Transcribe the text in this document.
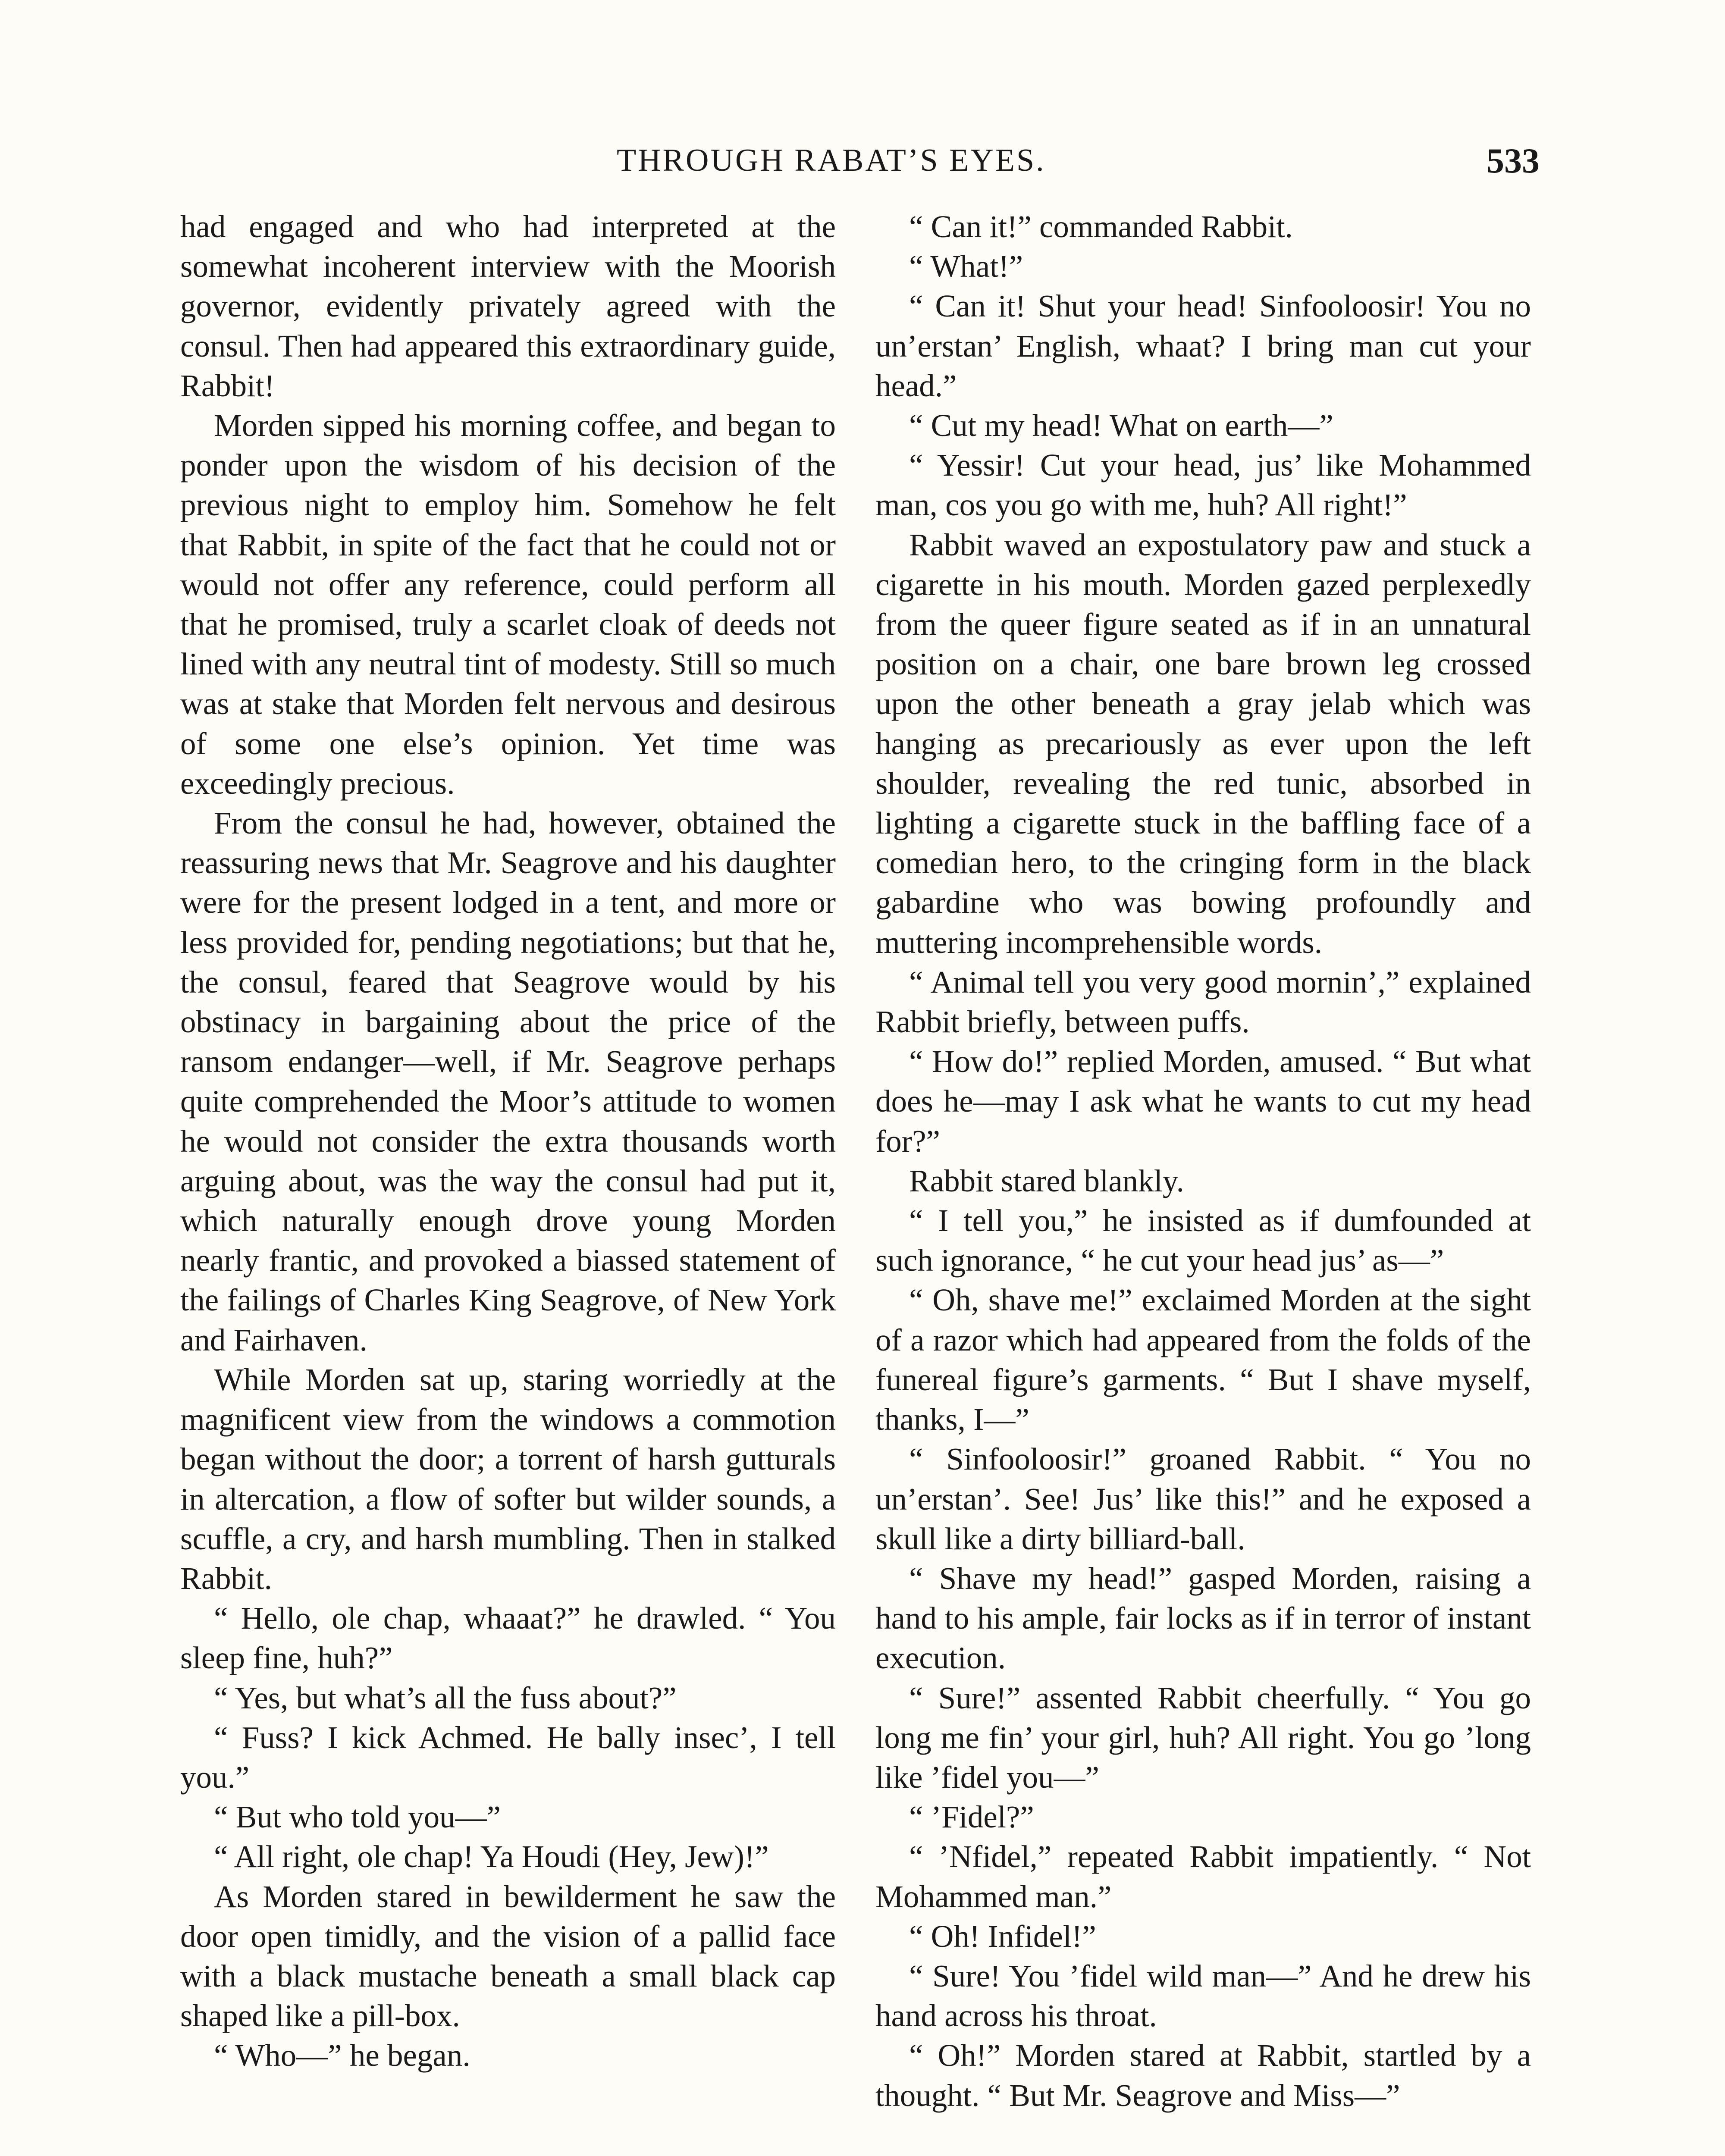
THROUGH RABAT’S EYES.	533

had engaged and who had interpreted at the somewhat incoherent interview with the Moorish governor, evidently privately agreed with the consul. Then had appeared this extraordinary guide, Rabbit!

Morden sipped his morning coffee, and began to ponder upon the wisdom of his decision of the previous night to employ him. Somehow he felt that Rabbit, in spite of the fact that he could not or would not offer any reference, could perform all that he promised, truly a scarlet cloak of deeds not lined with any neutral tint of modesty. Still so much was at stake that Morden felt nervous and desirous of some one else’s opinion. Yet time was exceedingly precious.

From the consul he had, however, obtained the reassuring news that Mr. Seagrove and his daughter were for the present lodged in a tent, and more or less provided for, pending negotiations; but that he, the consul, feared that Seagrove would by his obstinacy in bargaining about the price of the ransom endanger—well, if Mr. Seagrove perhaps quite comprehended the Moor’s attitude to women he would not consider the extra thousands worth arguing about, was the way the consul had put it, which naturally enough drove young Morden nearly frantic, and provoked a biassed statement of the failings of Charles King Seagrove, of New York and Fairhaven.

While Morden sat up, staring worriedly at the magnificent view from the windows a commotion began without the door; a torrent of harsh gutturals in altercation, a flow of softer but wilder sounds, a scuffle, a cry, and harsh mumbling. Then in stalked Rabbit.

“ Hello, ole chap, whaaat?” he drawled. “ You sleep fine, huh?”

“ Yes, but what’s all the fuss about?”

“ Fuss? I kick Achmed. He bally insec’, I tell you.”

“ But who told you—”

“ All right, ole chap! Ya Houdi (Hey, Jew)!”

As Morden stared in bewilderment he saw the door open timidly, and the vision of a pallid face with a black mustache beneath a small black cap shaped like a pill-box.

“ Who—” he began.

“ Can it!” commanded Rabbit.

“ What!”

“ Can it! Shut your head! Sinfooloosir! You no un’erstan’ English, whaat? I bring man cut your head.”

“ Cut my head! What on earth—”

“ Yessir! Cut your head, jus’ like Mohammed man, cos you go with me, huh? All right!”

Rabbit waved an expostulatory paw and stuck a cigarette in his mouth. Morden gazed perplexedly from the queer figure seated as if in an unnatural position on a chair, one bare brown leg crossed upon the other beneath a gray jelab which was hanging as precariously as ever upon the left shoulder, revealing the red tunic, absorbed in lighting a cigarette stuck in the baffling face of a comedian hero, to the cringing form in the black gabardine who was bowing profoundly and muttering incomprehensible words.

“ Animal tell you very good mornin’,” explained Rabbit briefly, between puffs.

“ How do!” replied Morden, amused. “ But what does he—may I ask what he wants to cut my head for?”

Rabbit stared blankly.

“ I tell you,” he insisted as if dumfounded at such ignorance, “ he cut your head jus’ as—”

“ Oh, shave me!” exclaimed Morden at the sight of a razor which had appeared from the folds of the funereal figure’s garments. “ But I shave myself, thanks, I—”

“ Sinfooloosir!” groaned Rabbit. “ You no un’erstan’. See! Jus’ like this!” and he exposed a skull like a dirty billiard-ball.

“ Shave my head!” gasped Morden, raising a hand to his ample, fair locks as if in terror of instant execution.

“ Sure!” assented Rabbit cheerfully. “ You go long me fin’ your girl, huh? All right. You go ’long like ’fidel you—”

“ ’Fidel?”

“ ’Nfidel,” repeated Rabbit impatiently. “ Not Mohammed man.”

“ Oh! Infidel!”

“ Sure! You ’fidel wild man—” And he drew his hand across his throat.

“ Oh!” Morden stared at Rabbit, startled by a thought. “ But Mr. Seagrove and Miss—”
